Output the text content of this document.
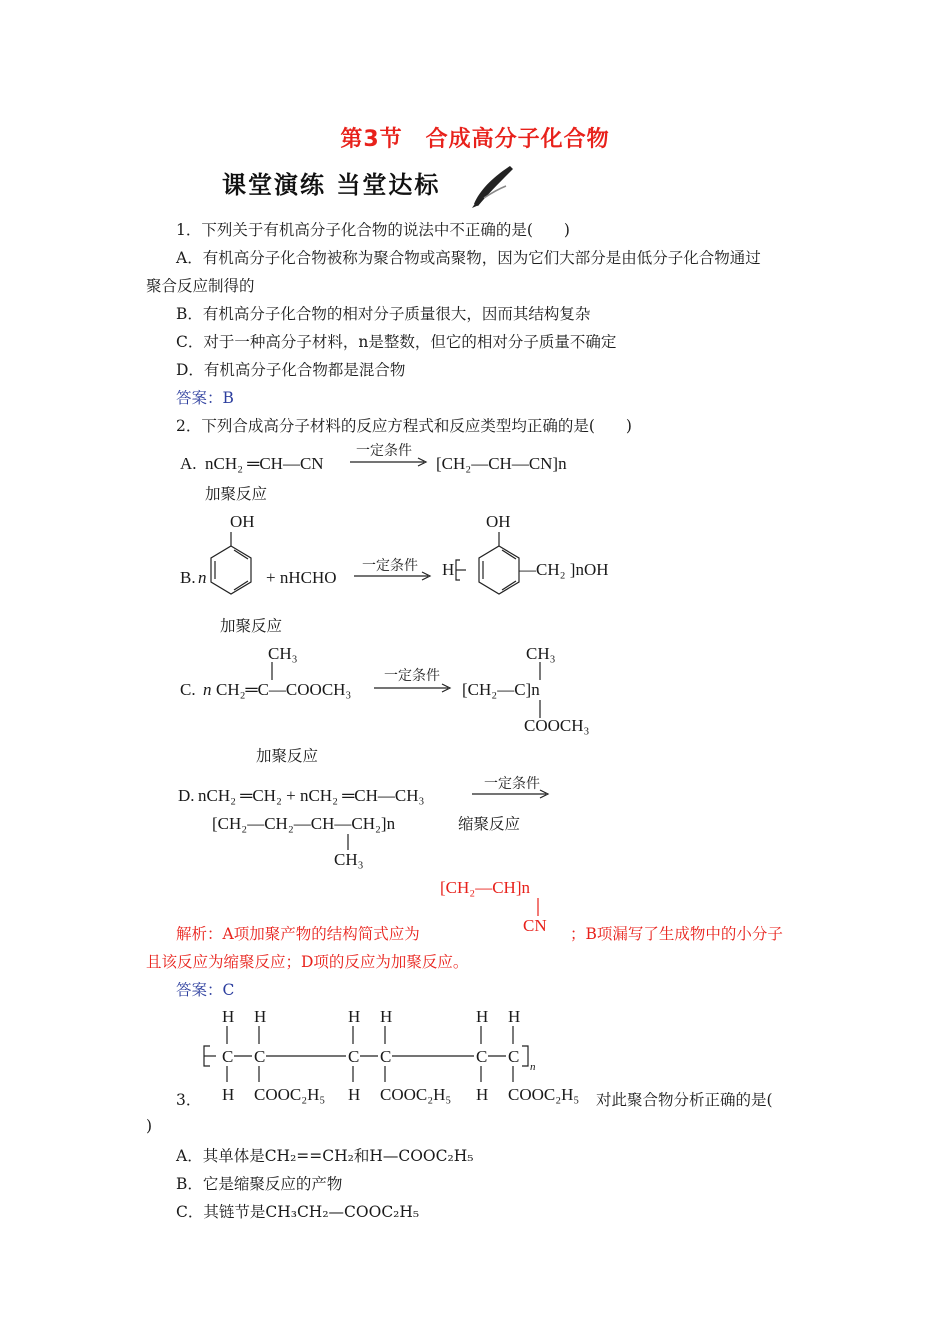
第3节　合成高分子化合物
课堂演练 当堂达标
1．下列关于有机高分子化合物的说法中不正确的是(　　)
A．有机高分子化合物被称为聚合物或高聚物，因为它们大部分是由低分子化合物通过
聚合反应制得的
B．有机高分子化合物的相对分子质量很大，因而其结构复杂
C．对于一种高分子材料，n是整数，但它的相对分子质量不确定
D．有机高分子化合物都是混合物
答案：B
2．下列合成高分子材料的反应方程式和反应类型均正确的是(　　)
A. nCH₂ ═CH—CN
一定条件
[CH₂—CH—CN]n
加聚反应
B. n
OH
+ nHCHO
一定条件 H
OH
—CH₂ ]nOH
加聚反应
CH₃
C. n CH₂═C—COOCH₃
一定条件
CH₃
[CH₂—C]n
COOCH₃
加聚反应
D. nCH₂ ═CH₂ + nCH₂ ═CH—CH₃
一定条件
[CH₂—CH₂—CH—CH₂]n
CH₃
缩聚反应
[CH₂—CH]n
CN
解析：A项加聚产物的结构简式应为	；B项漏写了生成物中的小分子
且该反应为缩聚反应；D项的反应为加聚反应。
答案：C
H H	H H	H H
C C	C C	C C
n
H COOC₂H₅ H COOC₂H₅ H COOC₂H₅
3．	对此聚合物分析正确的是(
)
A．其单体是CH₂==CH₂和H—COOC₂H₅
B．它是缩聚反应的产物
C．其链节是CH₃CH₂—COOC₂H₅
